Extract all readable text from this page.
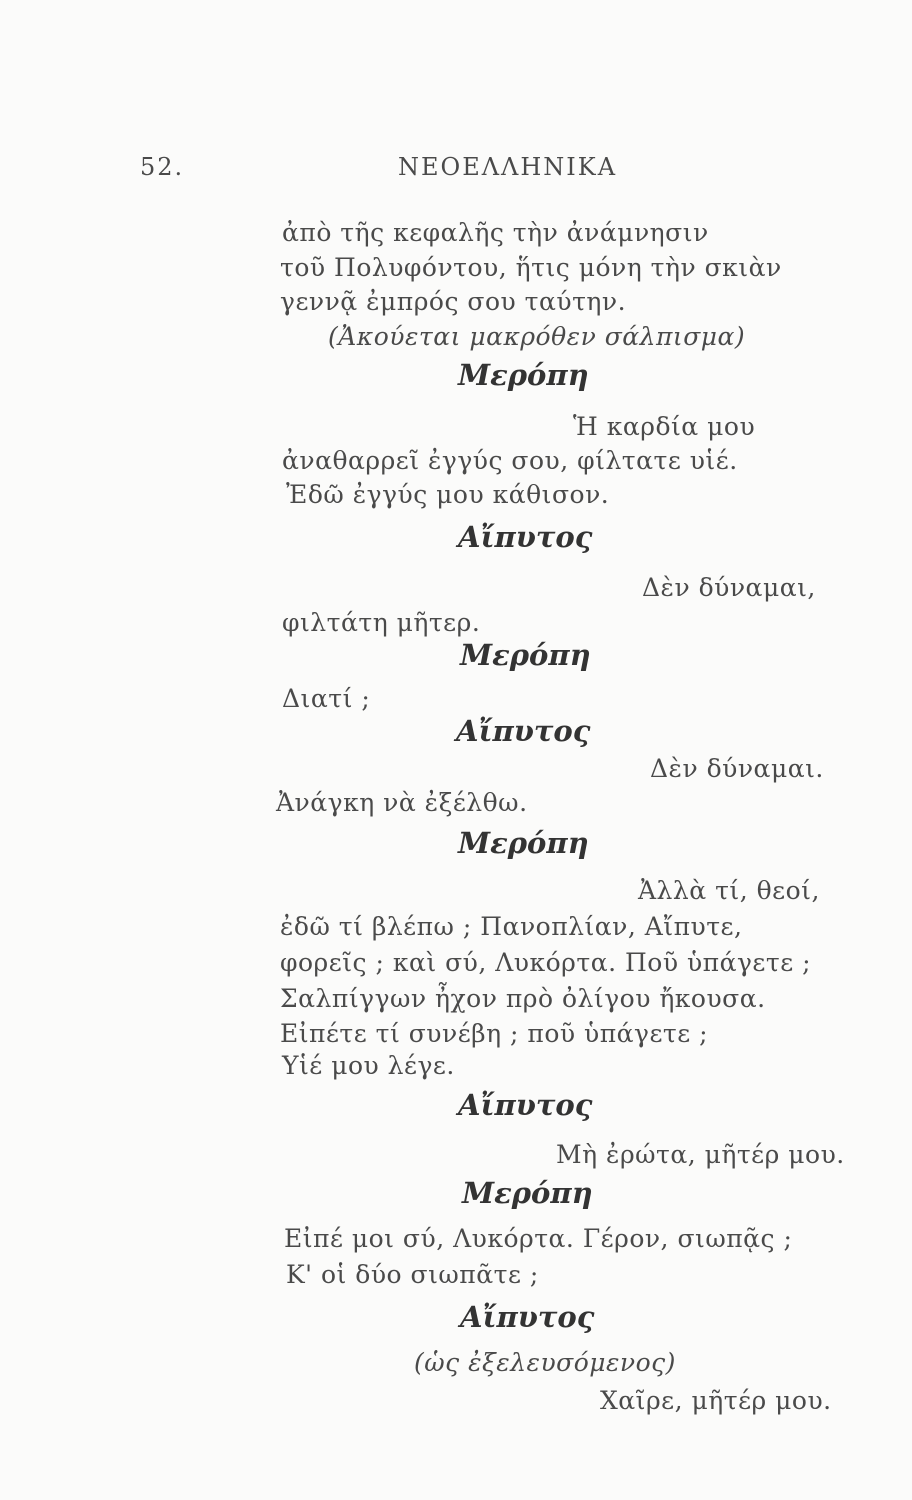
52.	ΝΕΟΕΛΛΗΝΙΚΑ
ἀπὸ τῆς κεφαλῆς τὴν ἀνάμνησιν
τοῦ Πολυφόντου, ἥτις μόνη τὴν σκιὰν
γεννᾷ ἐμπρός σου ταύτην.
(Ἀκούεται μακρόθεν σάλπισμα)
Μερόπη
Ἡ καρδία μου
ἀναθαρρεῖ ἐγγύς σου, φίλτατε υἱέ.
Ἐδῶ ἐγγύς μου κάθισον.
Αἴπυτος
Δὲν δύναμαι,
φιλτάτη μῆτερ.
Μερόπη
Διατί ;
Αἴπυτος
Δὲν δύναμαι.
Ἀνάγκη νὰ ἐξέλθω.
Μερόπη
Ἀλλὰ τί, θεοί,
ἐδῶ τί βλέπω ; Πανοπλίαν, Αἴπυτε,
φορεῖς ; καὶ σύ, Λυκόρτα. Ποῦ ὑπάγετε ;
Σαλπίγγων ἦχον πρὸ ὀλίγου ἤκουσα.
Εἰπέτε τί συνέβη ; ποῦ ὑπάγετε ;
Υἱέ μου λέγε.
Αἴπυτος
Μὴ ἐρώτα, μῆτέρ μου.
Μερόπη
Εἰπέ μοι σύ, Λυκόρτα. Γέρον, σιωπᾷς ;
Κ' οἱ δύο σιωπᾶτε ;
Αἴπυτος
(ὡς ἐξελευσόμενος)
Χαῖρε, μῆτέρ μου.
